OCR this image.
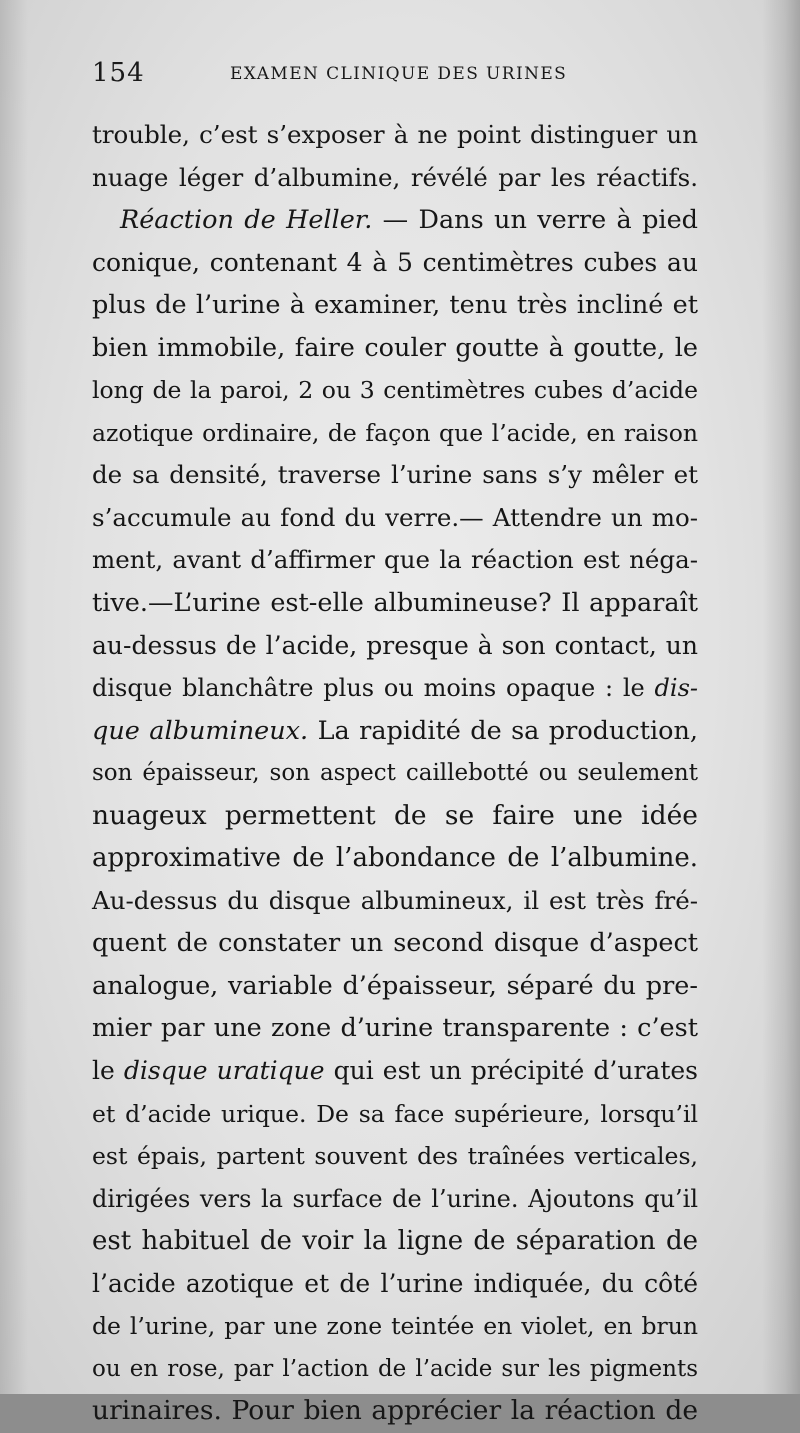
154	EXAMEN CLINIQUE DES URINES
trouble, c’est s’exposer à ne point distinguer un
nuage léger d’albumine, révélé par les réactifs.
Réaction de Heller. — Dans un verre à pied
conique, contenant 4 à 5 centimètres cubes au
plus de l’urine à examiner, tenu très incliné et
bien immobile, faire couler goutte à goutte, le
long de la paroi, 2 ou 3 centimètres cubes d’acide
azotique ordinaire, de façon que l’acide, en raison
de sa densité, traverse l’urine sans s’y mêler et
s’accumule au fond du verre.— Attendre un mo-
ment, avant d’affirmer que la réaction est néga-
tive.—L’urine est-elle albumineuse? Il apparaît
au-dessus de l’acide, presque à son contact, un
disque blanchâtre plus ou moins opaque : le dis-
que albumineux. La rapidité de sa production,
son épaisseur, son aspect caillebotté ou seulement
nuageux permettent de se faire une idée
approximative de l’abondance de l’albumine.
Au-dessus du disque albumineux, il est très fré-
quent de constater un second disque d’aspect
analogue, variable d’épaisseur, séparé du pre-
mier par une zone d’urine transparente : c’est
le disque uratique qui est un précipité d’urates
et d’acide urique. De sa face supérieure, lorsqu’il
est épais, partent souvent des traînées verticales,
dirigées vers la surface de l’urine. Ajoutons qu’il
est habituel de voir la ligne de séparation de
l’acide azotique et de l’urine indiquée, du côté
de l’urine, par une zone teintée en violet, en brun
ou en rose, par l’action de l’acide sur les pigments
urinaires. Pour bien apprécier la réaction de
